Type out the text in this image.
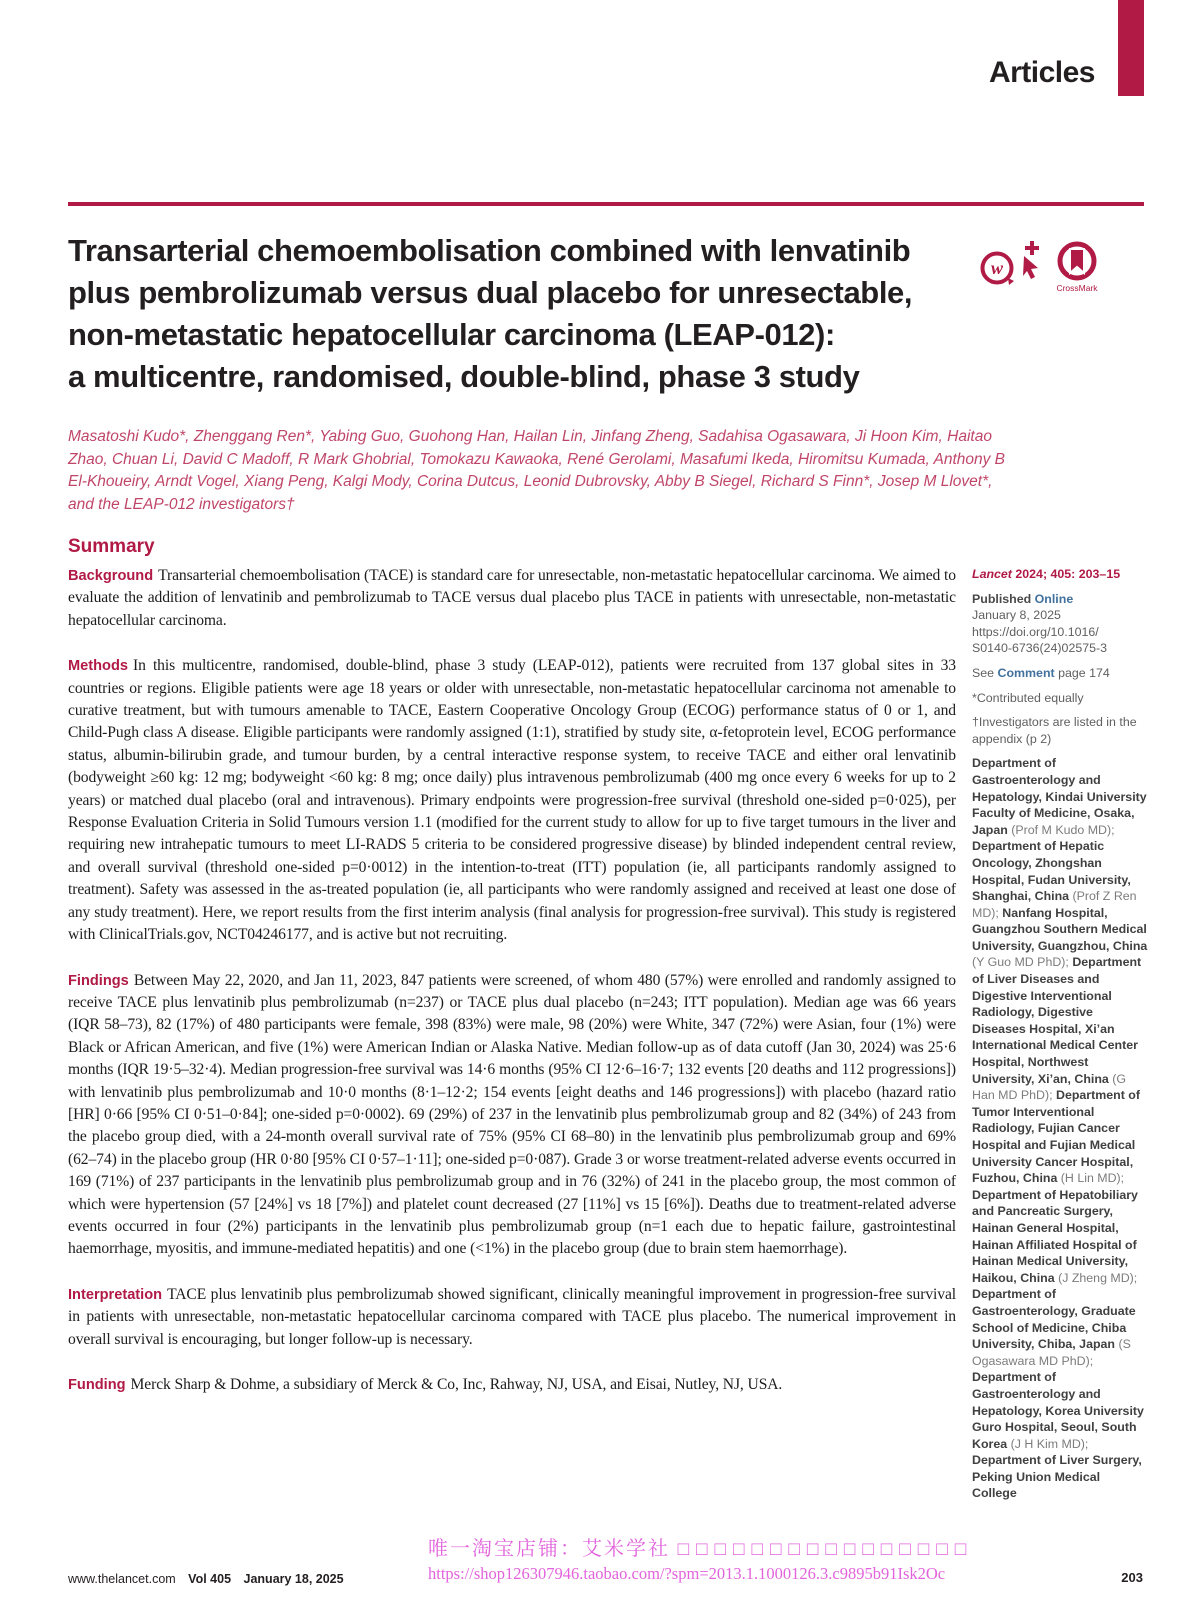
Articles
Transarterial chemoembolisation combined with lenvatinib
plus pembrolizumab versus dual placebo for unresectable,
non-metastatic hepatocellular carcinoma (LEAP-012):
a multicentre, randomised, double-blind, phase 3 study
w
CrossMark

Masatoshi Kudo*, Zhenggang Ren*, Yabing Guo, Guohong Han, Hailan Lin, Jinfang Zheng, Sadahisa Ogasawara, Ji Hoon Kim, Haitao Zhao, Chuan Li, David C Madoff, R Mark Ghobrial, Tomokazu Kawaoka, René Gerolami, Masafumi Ikeda, Hiromitsu Kumada, Anthony B El-Khoueiry, Arndt Vogel, Xiang Peng, Kalgi Mody, Corina Dutcus, Leonid Dubrovsky, Abby B Siegel, Richard S Finn*, Josep M Llovet*, and the LEAP-012 investigators†

Summary

Background Transarterial chemoembolisation (TACE) is standard care for unresectable, non-metastatic hepatocellular carcinoma. We aimed to evaluate the addition of lenvatinib and pembrolizumab to TACE versus dual placebo plus TACE in patients with unresectable, non-metastatic hepatocellular carcinoma.

Methods In this multicentre, randomised, double-blind, phase 3 study (LEAP-012), patients were recruited from 137 global sites in 33 countries or regions. Eligible patients were age 18 years or older with unresectable, non-metastatic hepatocellular carcinoma not amenable to curative treatment, but with tumours amenable to TACE, Eastern Cooperative Oncology Group (ECOG) performance status of 0 or 1, and Child-Pugh class A disease. Eligible participants were randomly assigned (1:1), stratified by study site, α-fetoprotein level, ECOG performance status, albumin-bilirubin grade, and tumour burden, by a central interactive response system, to receive TACE and either oral lenvatinib (bodyweight ≥60 kg: 12 mg; bodyweight <60 kg: 8 mg; once daily) plus intravenous pembrolizumab (400 mg once every 6 weeks for up to 2 years) or matched dual placebo (oral and intravenous). Primary endpoints were progression-free survival (threshold one-sided p=0·025), per Response Evaluation Criteria in Solid Tumours version 1.1 (modified for the current study to allow for up to five target tumours in the liver and requiring new intrahepatic tumours to meet LI-RADS 5 criteria to be considered progressive disease) by blinded independent central review, and overall survival (threshold one-sided p=0·0012) in the intention-to-treat (ITT) population (ie, all participants randomly assigned to treatment). Safety was assessed in the as-treated population (ie, all participants who were randomly assigned and received at least one dose of any study treatment). Here, we report results from the first interim analysis (final analysis for progression-free survival). This study is registered with ClinicalTrials.gov, NCT04246177, and is active but not recruiting.

Findings Between May 22, 2020, and Jan 11, 2023, 847 patients were screened, of whom 480 (57%) were enrolled and randomly assigned to receive TACE plus lenvatinib plus pembrolizumab (n=237) or TACE plus dual placebo (n=243; ITT population). Median age was 66 years (IQR 58–73), 82 (17%) of 480 participants were female, 398 (83%) were male, 98 (20%) were White, 347 (72%) were Asian, four (1%) were Black or African American, and five (1%) were American Indian or Alaska Native. Median follow-up as of data cutoff (Jan 30, 2024) was 25·6 months (IQR 19·5–32·4). Median progression-free survival was 14·6 months (95% CI 12·6–16·7; 132 events [20 deaths and 112 progressions]) with lenvatinib plus pembrolizumab and 10·0 months (8·1–12·2; 154 events [eight deaths and 146 progressions]) with placebo (hazard ratio [HR] 0·66 [95% CI 0·51–0·84]; one-sided p=0·0002). 69 (29%) of 237 in the lenvatinib plus pembrolizumab group and 82 (34%) of 243 from the placebo group died, with a 24-month overall survival rate of 75% (95% CI 68–80) in the lenvatinib plus pembrolizumab group and 69% (62–74) in the placebo group (HR 0·80 [95% CI 0·57–1·11]; one-sided p=0·087). Grade 3 or worse treatment-related adverse events occurred in 169 (71%) of 237 participants in the lenvatinib plus pembrolizumab group and in 76 (32%) of 241 in the placebo group, the most common of which were hypertension (57 [24%] vs 18 [7%]) and platelet count decreased (27 [11%] vs 15 [6%]). Deaths due to treatment-related adverse events occurred in four (2%) participants in the lenvatinib plus pembrolizumab group (n=1 each due to hepatic failure, gastrointestinal haemorrhage, myositis, and immune-mediated hepatitis) and one (<1%) in the placebo group (due to brain stem haemorrhage).

Interpretation TACE plus lenvatinib plus pembrolizumab showed significant, clinically meaningful improvement in progression-free survival in patients with unresectable, non-metastatic hepatocellular carcinoma compared with TACE plus placebo. The numerical improvement in overall survival is encouraging, but longer follow-up is necessary.

Funding Merck Sharp & Dohme, a subsidiary of Merck & Co, Inc, Rahway, NJ, USA, and Eisai, Nutley, NJ, USA.

Lancet 2024; 405: 203–15

Published Online
January 8, 2025
https://doi.org/10.1016/
S0140-6736(24)02575-3

See Comment page 174

*Contributed equally

†Investigators are listed in the appendix (p 2)

Department of Gastroenterology and Hepatology, Kindai University Faculty of Medicine, Osaka, Japan (Prof M Kudo MD); Department of Hepatic Oncology, Zhongshan Hospital, Fudan University, Shanghai, China (Prof Z Ren MD); Nanfang Hospital, Guangzhou Southern Medical University, Guangzhou, China (Y Guo MD PhD); Department of Liver Diseases and Digestive Interventional Radiology, Digestive Diseases Hospital, Xi’an International Medical Center Hospital, Northwest University, Xi’an, China (G Han MD PhD); Department of Tumor Interventional Radiology, Fujian Cancer Hospital and Fujian Medical University Cancer Hospital, Fuzhou, China (H Lin MD); Department of Hepatobiliary and Pancreatic Surgery, Hainan General Hospital, Hainan Affiliated Hospital of Hainan Medical University, Haikou, China (J Zheng MD); Department of Gastroenterology, Graduate School of Medicine, Chiba University, Chiba, Japan (S Ogasawara MD PhD); Department of Gastroenterology and Hepatology, Korea University Guro Hospital, Seoul, South Korea (J H Kim MD); Department of Liver Surgery, Peking Union Medical College

唯一淘宝店铺：艾米学社 □□□□□□□□□□□□□□□□
https://shop126307946.taobao.com/?spm=2013.1.1000126.3.c9895b91Isk2Oc
www.thelancet.com Vol 405 January 18, 2025	203
